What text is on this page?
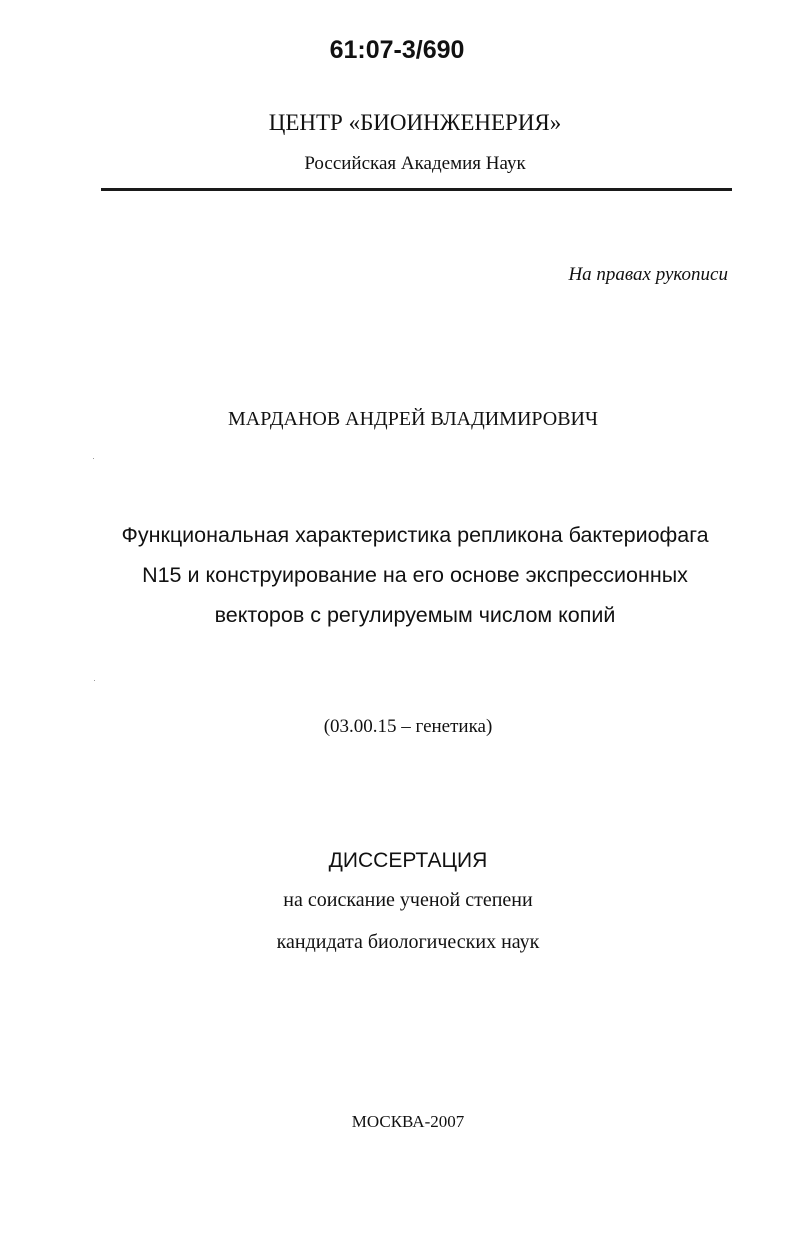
61:07-3/690
ЦЕНТР «БИОИНЖЕНЕРИЯ»
Российская Академия Наук
На правах рукописи
МАРДАНОВ АНДРЕЙ ВЛАДИМИРОВИЧ
Функциональная характеристика репликона бактериофага
N15 и конструирование на его основе экспрессионных
векторов с регулируемым числом копий
(03.00.15 – генетика)
ДИССЕРТАЦИЯ
на соискание ученой степени
кандидата биологических наук
МОСКВА-2007
